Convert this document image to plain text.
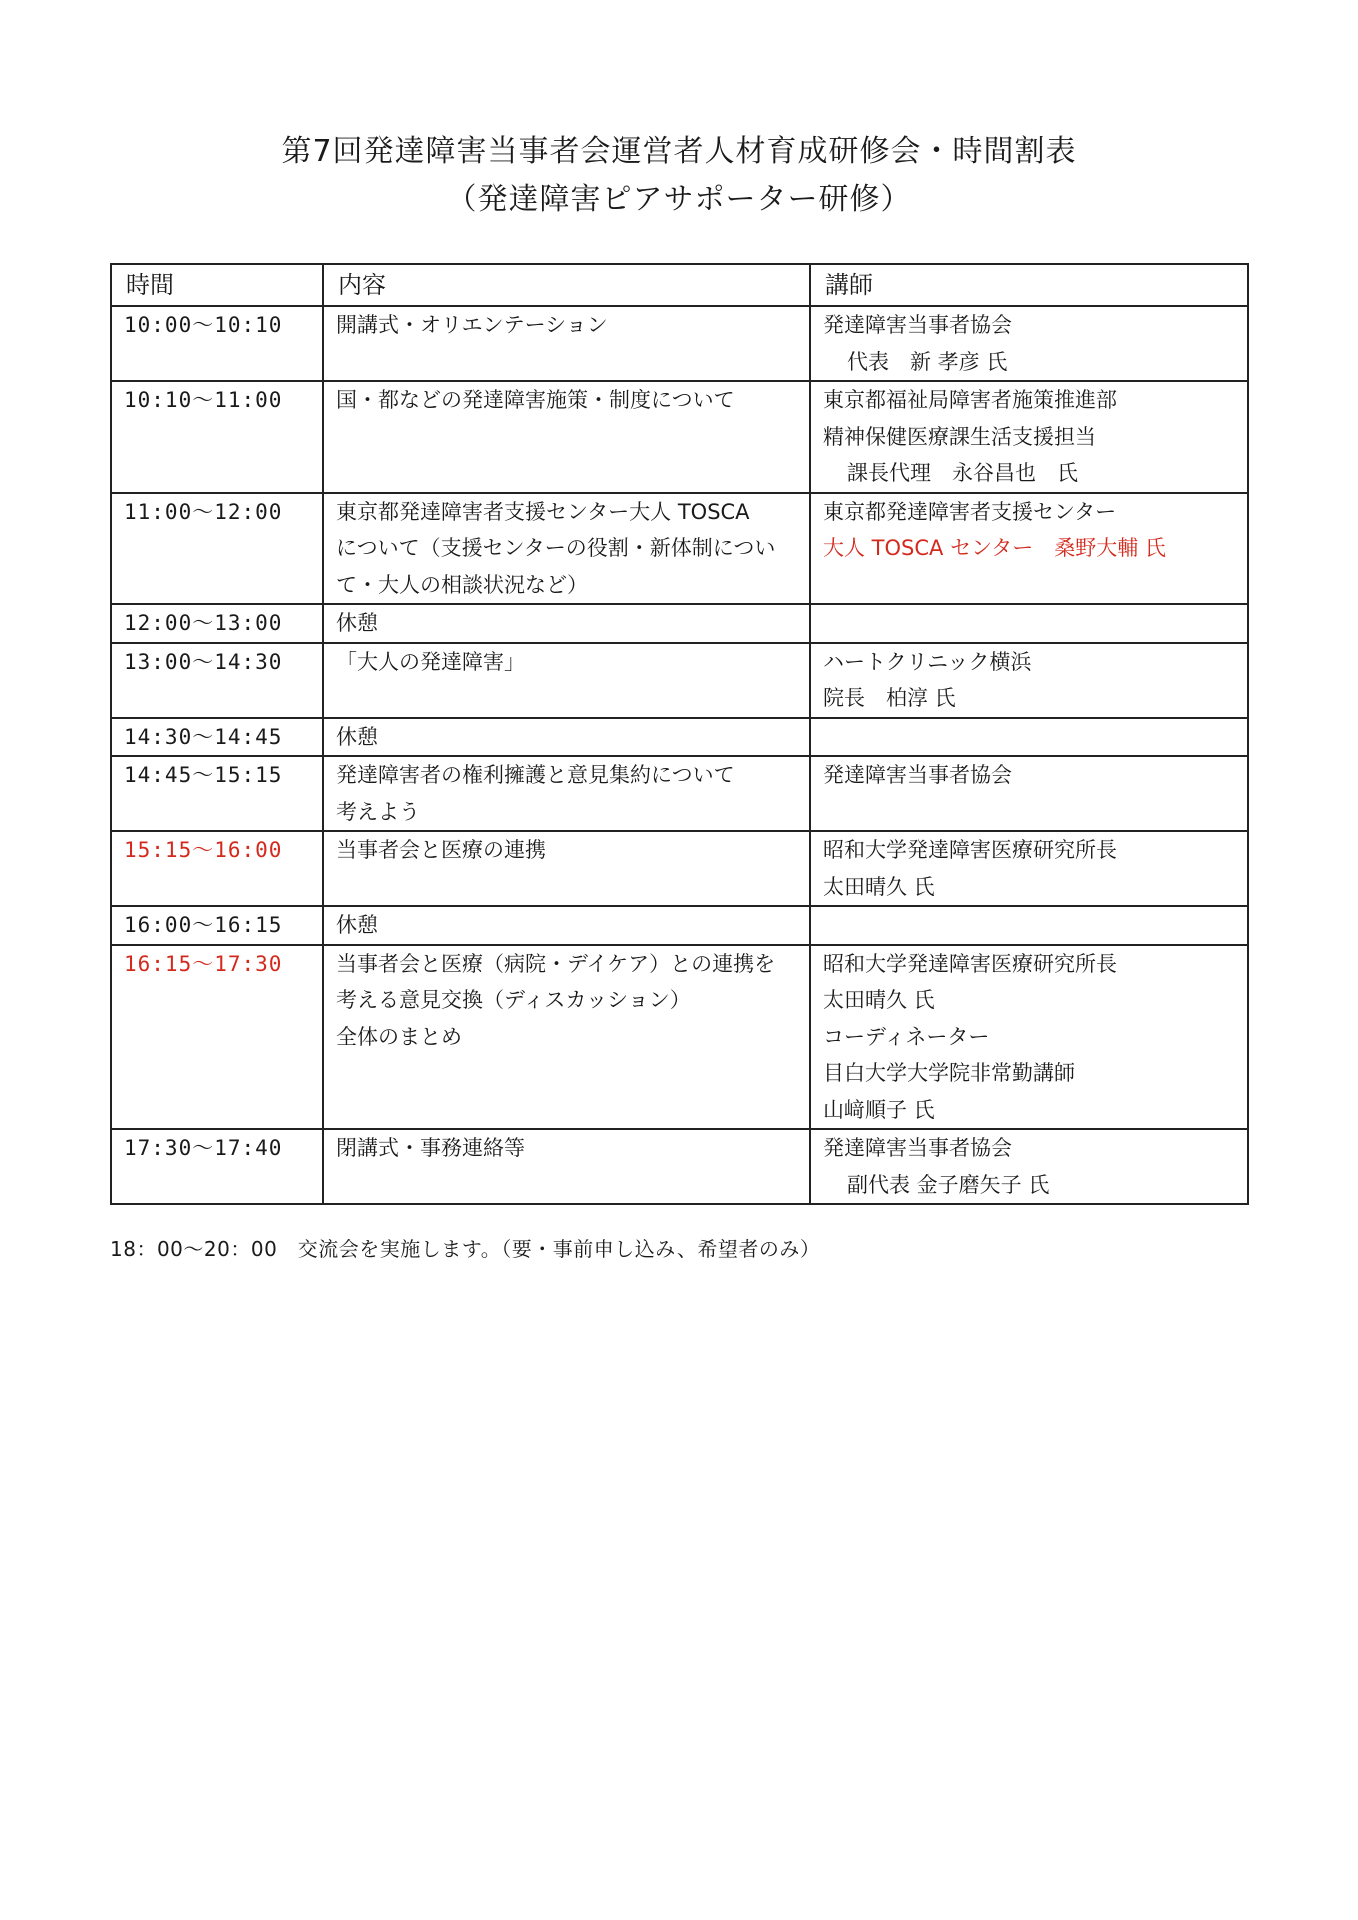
第7回発達障害当事者会運営者人材育成研修会・時間割表
（発達障害ピアサポーター研修）
時間	内容	講師
10:00～10:10	開講式・オリエンテーション	発達障害当事者協会
代表　新 孝彦 氏

10:10～11:00	国・都などの発達障害施策・制度について	東京都福祉局障害者施策推進部
精神保健医療課生活支援担当
課長代理　永谷昌也　氏

11:00～12:00	東京都発達障害者支援センター大人 TOSCA
について（支援センターの役割・新体制につい
て・大人の相談状況など）	東京都発達障害者支援センター
大人 TOSCA センター　桑野大輔 氏

12:00～13:00	休憩	

13:00～14:30	「大人の発達障害」	ハートクリニック横浜
院長　柏淳 氏

14:30～14:45	休憩	

14:45～15:15	発達障害者の権利擁護と意見集約について
考えよう	発達障害当事者協会

15:15～16:00	当事者会と医療の連携	昭和大学発達障害医療研究所長
太田晴久 氏

16:00～16:15	休憩	

16:15～17:30	当事者会と医療（病院・デイケア）との連携を
考える意見交換（ディスカッション）
全体のまとめ	昭和大学発達障害医療研究所長
太田晴久 氏
コーディネーター
目白大学大学院非常勤講師
山﨑順子 氏

17:30～17:40	閉講式・事務連絡等	発達障害当事者協会
副代表 金子磨矢子 氏
18：00～20：00　交流会を実施します。（要・事前申し込み、希望者のみ）
